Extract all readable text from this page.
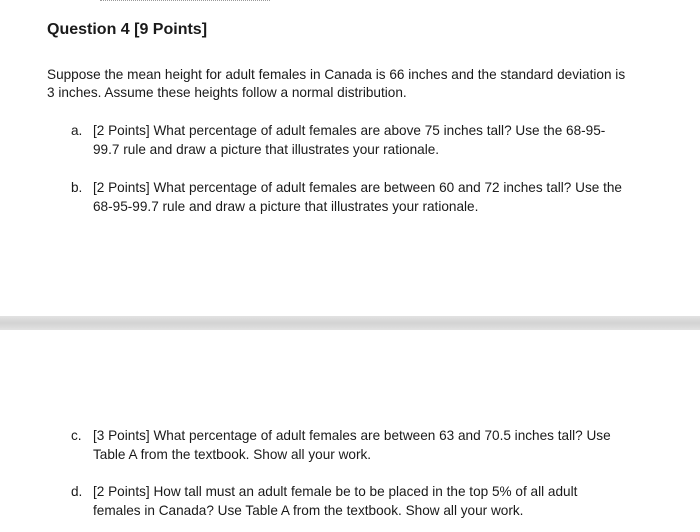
Question 4 [9 Points]

Suppose the mean height for adult females in Canada is 66 inches and the standard deviation is
3 inches. Assume these heights follow a normal distribution.

a. [2 Points] What percentage of adult females are above 75 inches tall? Use the 68-95-
99.7 rule and draw a picture that illustrates your rationale.
b. [2 Points] What percentage of adult females are between 60 and 72 inches tall? Use the
68-95-99.7 rule and draw a picture that illustrates your rationale.
c. [3 Points] What percentage of adult females are between 63 and 70.5 inches tall? Use
Table A from the textbook. Show all your work.
d. [2 Points] How tall must an adult female be to be placed in the top 5% of all adult
females in Canada? Use Table A from the textbook. Show all your work.
